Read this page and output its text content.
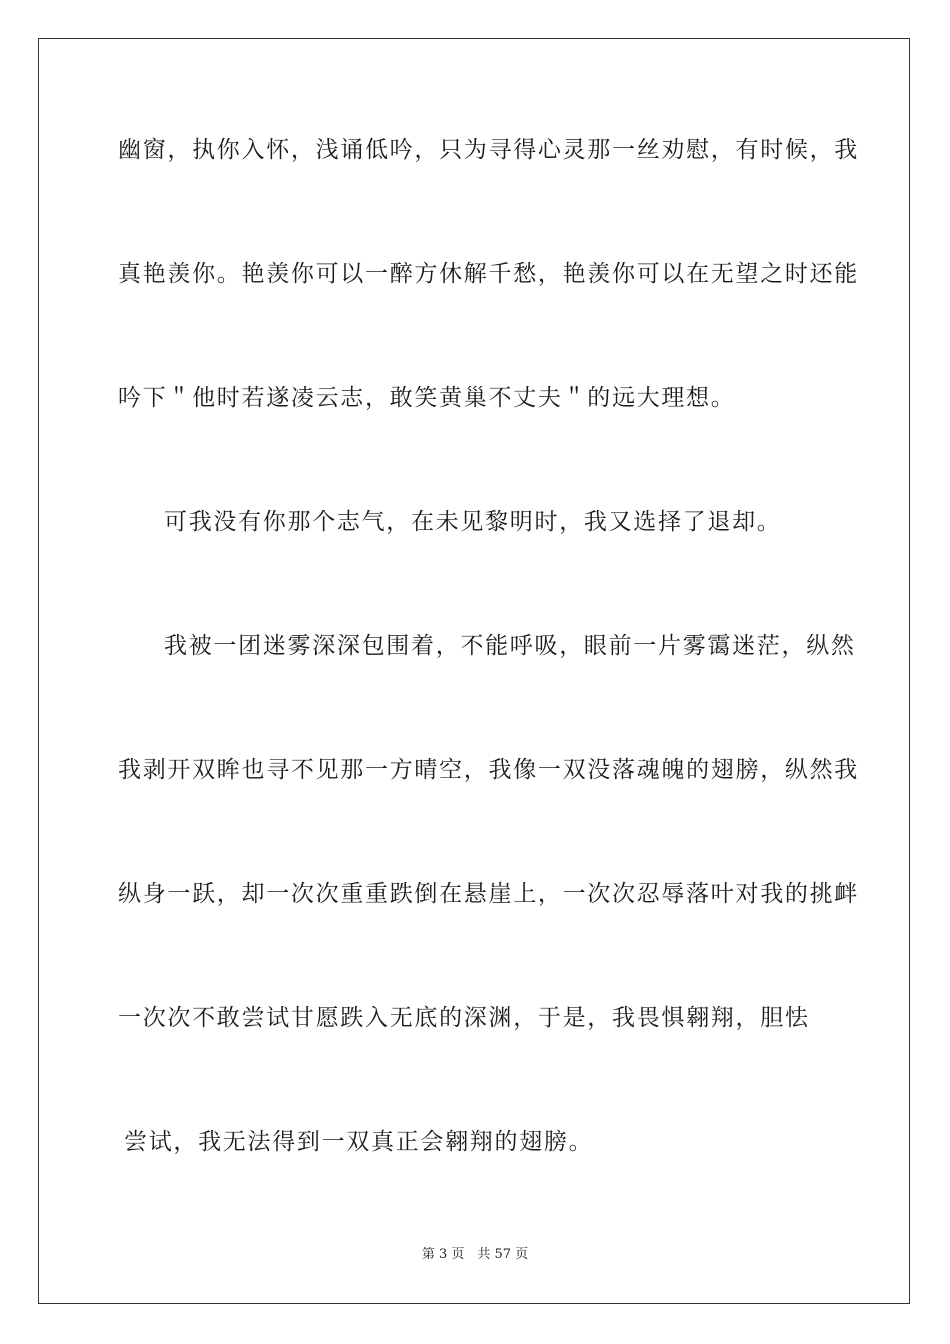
幽窗，执你入怀，浅诵低吟，只为寻得心灵那一丝劝慰，有时候，我
真艳羡你。艳羡你可以一醉方休解千愁，艳羡你可以在无望之时还能
吟下＂他时若遂凌云志，敢笑黄巢不丈夫＂的远大理想。
可我没有你那个志气，在未见黎明时，我又选择了退却。
我被一团迷雾深深包围着，不能呼吸，眼前一片雾霭迷茫，纵然
我剥开双眸也寻不见那一方晴空，我像一双没落魂魄的翅膀，纵然我
纵身一跃，却一次次重重跌倒在悬崖上，一次次忍辱落叶对我的挑衅
一次次不敢尝试甘愿跌入无底的深渊，于是，我畏惧翱翔，胆怯
尝试，我无法得到一双真正会翱翔的翅膀。
第 3 页　共 57 页
